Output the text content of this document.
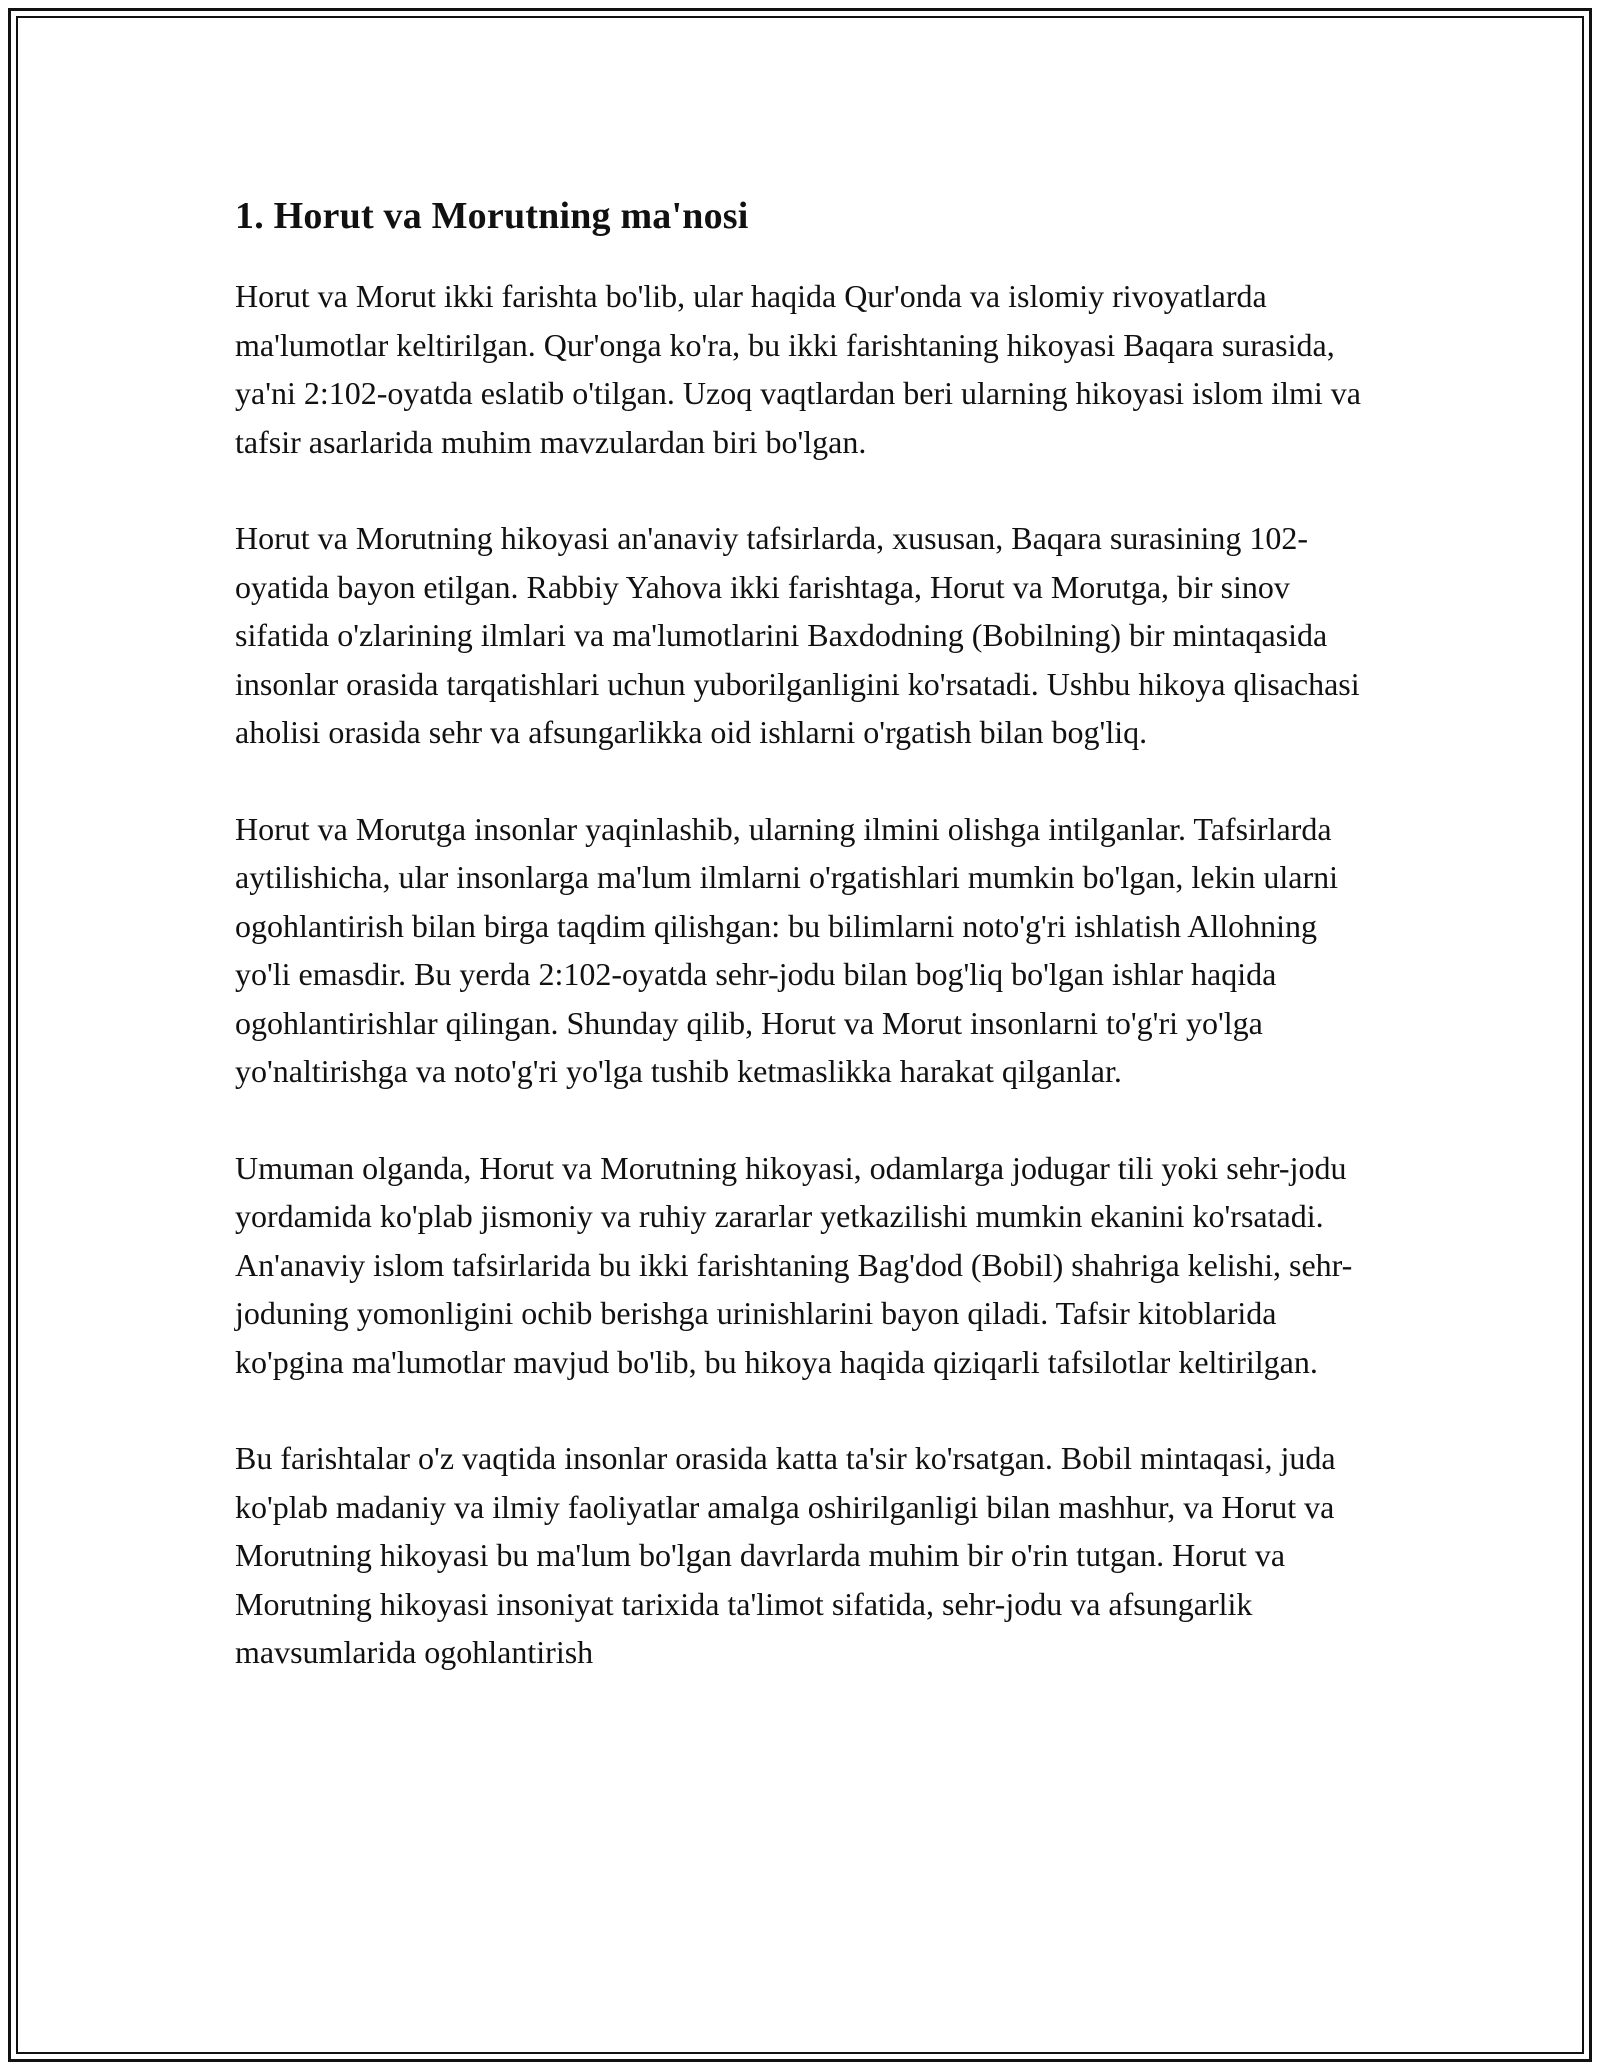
1. Horut va Morutning ma'nosi

Horut va Morut ikki farishta bo'lib, ular haqida Qur'onda va islomiy rivoyatlarda ma'lumotlar keltirilgan. Qur'onga ko'ra, bu ikki farishtaning hikoyasi Baqara surasida, ya'ni 2:102-oyatda eslatib o'tilgan. Uzoq vaqtlardan beri ularning hikoyasi islom ilmi va tafsir asarlarida muhim mavzulardan biri bo'lgan.

Horut va Morutning hikoyasi an'anaviy tafsirlarda, xususan, Baqara surasining 102-oyatida bayon etilgan. Rabbiy Yahova ikki farishtaga, Horut va Morutga, bir sinov sifatida o'zlarining ilmlari va ma'lumotlarini Baxdodning (Bobilning) bir mintaqasida insonlar orasida tarqatishlari uchun yuborilganligini ko'rsatadi. Ushbu hikoya qlisachasi aholisi orasida sehr va afsungarlikka oid ishlarni o'rgatish bilan bog'liq.

Horut va Morutga insonlar yaqinlashib, ularning ilmini olishga intilganlar. Tafsirlarda aytilishicha, ular insonlarga ma'lum ilmlarni o'rgatishlari mumkin bo'lgan, lekin ularni ogohlantirish bilan birga taqdim qilishgan: bu bilimlarni noto'g'ri ishlatish Allohning yo'li emasdir. Bu yerda 2:102-oyatda sehr-jodu bilan bog'liq bo'lgan ishlar haqida ogohlantirishlar qilingan. Shunday qilib, Horut va Morut insonlarni to'g'ri yo'lga yo'naltirishga va noto'g'ri yo'lga tushib ketmaslikka harakat qilganlar.

Umuman olganda, Horut va Morutning hikoyasi, odamlarga jodugar tili yoki sehr-jodu yordamida ko'plab jismoniy va ruhiy zararlar yetkazilishi mumkin ekanini ko'rsatadi. An'anaviy islom tafsirlarida bu ikki farishtaning Bag'dod (Bobil) shahriga kelishi, sehr-joduning yomonligini ochib berishga urinishlarini bayon qiladi. Tafsir kitoblarida ko'pgina ma'lumotlar mavjud bo'lib, bu hikoya haqida qiziqarli tafsilotlar keltirilgan.

Bu farishtalar o'z vaqtida insonlar orasida katta ta'sir ko'rsatgan. Bobil mintaqasi, juda ko'plab madaniy va ilmiy faoliyatlar amalga oshirilganligi bilan mashhur, va Horut va Morutning hikoyasi bu ma'lum bo'lgan davrlarda muhim bir o'rin tutgan. Horut va Morutning hikoyasi insoniyat tarixida ta'limot sifatida, sehr-jodu va afsungarlik mavsumlarida ogohlantirish
